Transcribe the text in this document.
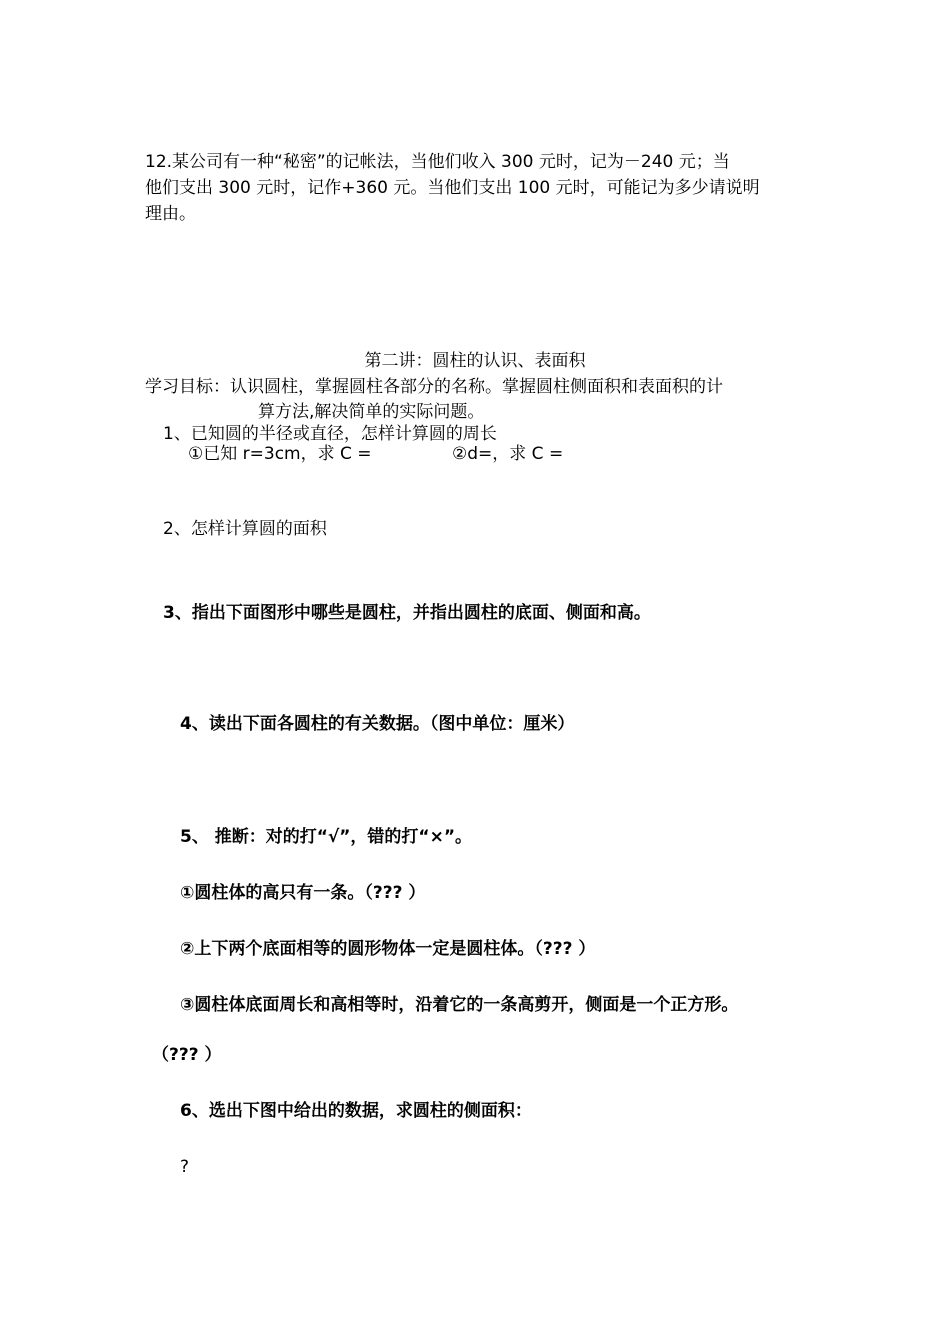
12.某公司有一种“秘密”的记帐法，当他们收入 300 元时，记为－240 元；当
他们支出 300 元时，记作+360 元。当他们支出 100 元时，可能记为多少请说明
理由。
第二讲：圆柱的认识、表面积
学习目标：认识圆柱，掌握圆柱各部分的名称。掌握圆柱侧面积和表面积的计
算方法,解决简单的实际问题。
1、已知圆的半径或直径，怎样计算圆的周长
①已知 r=3cm，求 C =	②d=，求 C =
2、怎样计算圆的面积
3、指出下面图形中哪些是圆柱，并指出圆柱的底面、侧面和高。
4、读出下面各圆柱的有关数据。（图中单位：厘米）
5、 推断：对的打“√”，错的打“×”。
①圆柱体的高只有一条。（??? ）
②上下两个底面相等的圆形物体一定是圆柱体。（??? ）
③圆柱体底面周长和高相等时，沿着它的一条高剪开，侧面是一个正方形。
（??? ）
6、选出下图中给出的数据，求圆柱的侧面积：
?
